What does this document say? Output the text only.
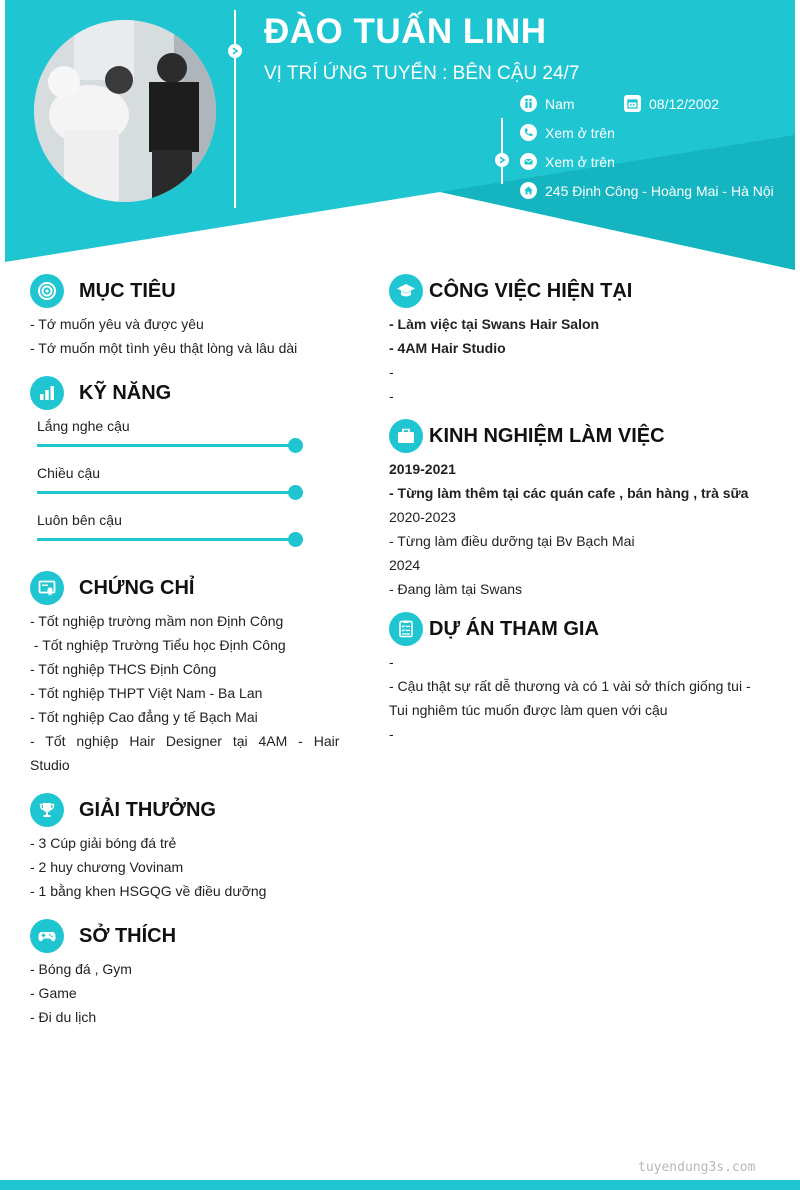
ĐÀO TUẤN LINH
VỊ TRÍ ỨNG TUYỂN : BÊN CẬU 24/7
Nam	08/12/2002
Xem ở trên
Xem ở trên
245 Định Công - Hoàng Mai - Hà Nội
MỤC TIÊU
- Tớ muốn yêu và được yêu
- Tớ muốn một tình yêu thật lòng và lâu dài
KỸ NĂNG
Lắng nghe cậu
Chiều cậu
Luôn bên cậu
CHỨNG CHỈ
- Tốt nghiệp trường mầm non Định Công
- Tốt nghiệp Trường Tiểu học Định Công
- Tốt nghiệp THCS Định Công
- Tốt nghiệp THPT Việt Nam - Ba Lan
- Tốt nghiệp Cao đẳng y tế Bạch Mai
- Tốt nghiệp Hair Designer tại 4AM - Hair
Studio
GIẢI THƯỞNG
- 3 Cúp giải bóng đá trẻ
- 2 huy chương Vovinam
- 1 bằng khen HSGQG về điều dưỡng
SỞ THÍCH
- Bóng đá , Gym
- Game
- Đi du lịch
CÔNG VIỆC HIỆN TẠI
- Làm việc tại Swans Hair Salon
- 4AM Hair Studio
-
-
KINH NGHIỆM LÀM VIỆC
2019-2021
- Từng làm thêm tại các quán cafe , bán hàng , trà sữa
2020-2023
- Từng làm điều dưỡng tại Bv Bạch Mai
2024
- Đang làm tại Swans
DỰ ÁN THAM GIA
-
- Cậu thật sự rất dễ thương và có 1 vài sở thích giống tui -
Tui nghiêm túc muốn được làm quen với cậu
-
tuyendung3s.com
